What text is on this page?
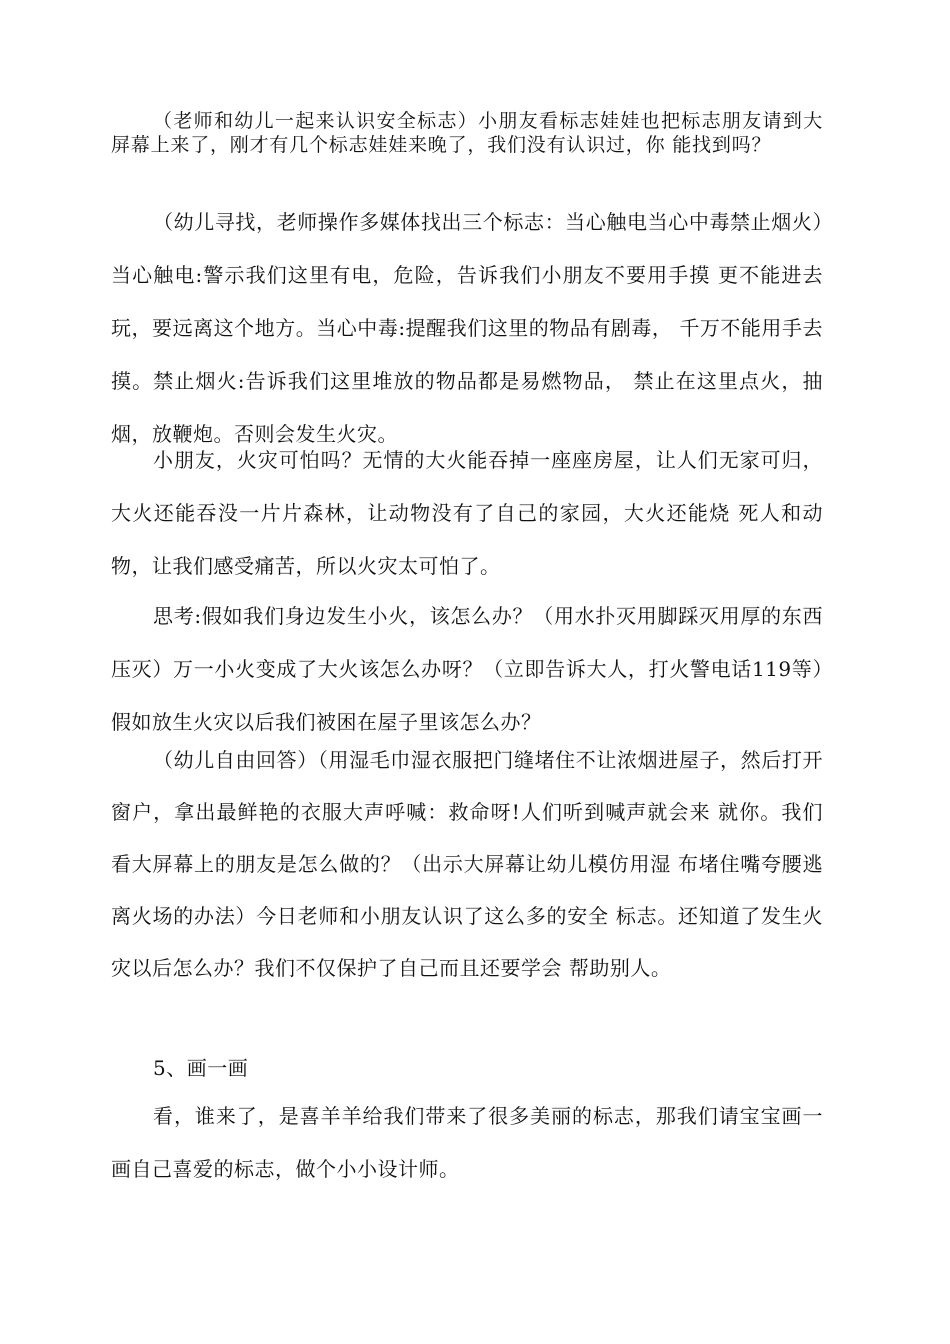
（老师和幼儿一起来认识安全标志）小朋友看标志娃娃也把标志朋友请到大屏幕上来了，刚才有几个标志娃娃来晚了，我们没有认识过，你 能找到吗？

（幼儿寻找，老师操作多媒体找出三个标志：当心触电当心中毒禁止烟火）当心触电:警示我们这里有电，危险，告诉我们小朋友不要用手摸 更不能进去玩，要远离这个地方。当心中毒:提醒我们这里的物品有剧毒， 千万不能用手去摸。禁止烟火:告诉我们这里堆放的物品都是易燃物品， 禁止在这里点火，抽烟，放鞭炮。否则会发生火灾。

小朋友，火灾可怕吗？无情的大火能吞掉一座座房屋，让人们无家可归，大火还能吞没一片片森林，让动物没有了自己的家园，大火还能烧 死人和动物，让我们感受痛苦，所以火灾太可怕了。

思考:假如我们身边发生小火，该怎么办？（用水扑灭用脚踩灭用厚的东西压灭）万一小火变成了大火该怎么办呀？（立即告诉大人，打火警电话119等）假如放生火灾以后我们被困在屋子里该怎么办？

（幼儿自由回答）（用湿毛巾湿衣服把门缝堵住不让浓烟进屋子，然后打开窗户，拿出最鲜艳的衣服大声呼喊：救命呀!人们听到喊声就会来 就你。我们看大屏幕上的朋友是怎么做的？（出示大屏幕让幼儿模仿用湿 布堵住嘴夸腰逃离火场的办法）今日老师和小朋友认识了这么多的安全 标志。还知道了发生火灾以后怎么办？我们不仅保护了自己而且还要学会 帮助别人。

5、画一画

看，谁来了，是喜羊羊给我们带来了很多美丽的标志，那我们请宝宝画一画自己喜爱的标志，做个小小设计师。
